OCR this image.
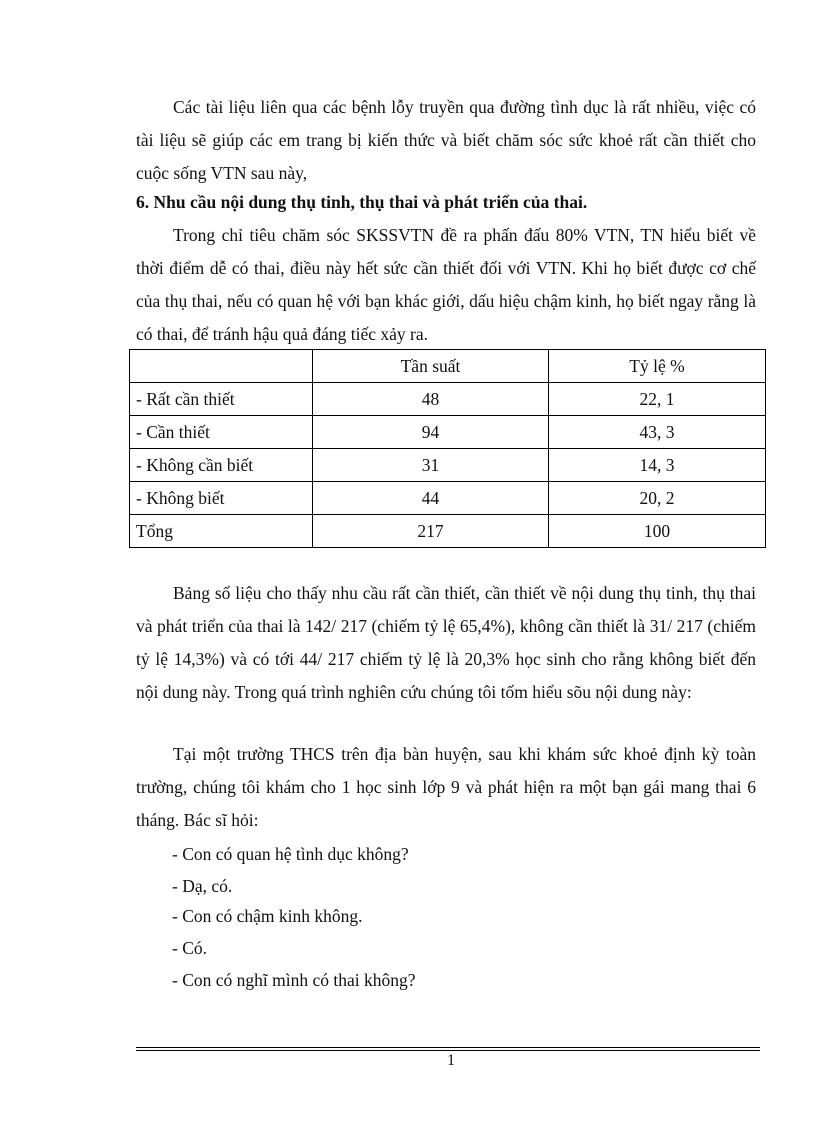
Các tài liệu liên qua các bệnh lỗy truyền qua đường tình dục là rất nhiều, việc có tài liệu sẽ giúp các em trang bị kiến thức và biết chăm sóc sức khoẻ rất cần thiết cho cuộc sống VTN sau này,

6. Nhu cầu nội dung thụ tinh, thụ thai và phát triển của thai.

Trong chỉ tiêu chăm sóc SKSSVTN đề ra phấn đấu 80% VTN, TN hiểu biết về thời điểm dễ có thai, điều này hết sức cần thiết đối với VTN. Khi họ biết được cơ chế của thụ thai, nếu có quan hệ với bạn khác giới, dấu hiệu chậm kinh, họ biết ngay rằng là có thai, để tránh hậu quả đáng tiếc xảy ra.

	Tần suất	Tỷ lệ %
- Rất cần thiết	48	22, 1
- Cần thiết	94	43, 3
- Không cần biết	31	14, 3
- Không biết	44	20, 2
Tổng	217	100

Bảng số liệu cho thấy nhu cầu rất cần thiết, cần thiết về nội dung thụ tinh, thụ thai và phát triển của thai là 142/ 217 (chiếm tỷ lệ 65,4%), không cần thiết là 31/ 217 (chiếm tỷ lệ 14,3%) và có tới 44/ 217 chiếm tỷ lệ là 20,3% học sinh cho rằng không biết đến nội dung này. Trong quá trình nghiên cứu chúng tôi tốm hiểu sõu nội dung này:

Tại một trường THCS trên địa bàn huyện, sau khi khám sức khoẻ định kỳ toàn trường, chúng tôi khám cho 1 học sinh lớp 9 và phát hiện ra một bạn gái mang thai 6 tháng. Bác sĩ hỏi:

- Con có quan hệ tình dục không?

- Dạ, có.

- Con có chậm kinh không.

- Có.

- Con có nghĩ mình có thai không?

1
